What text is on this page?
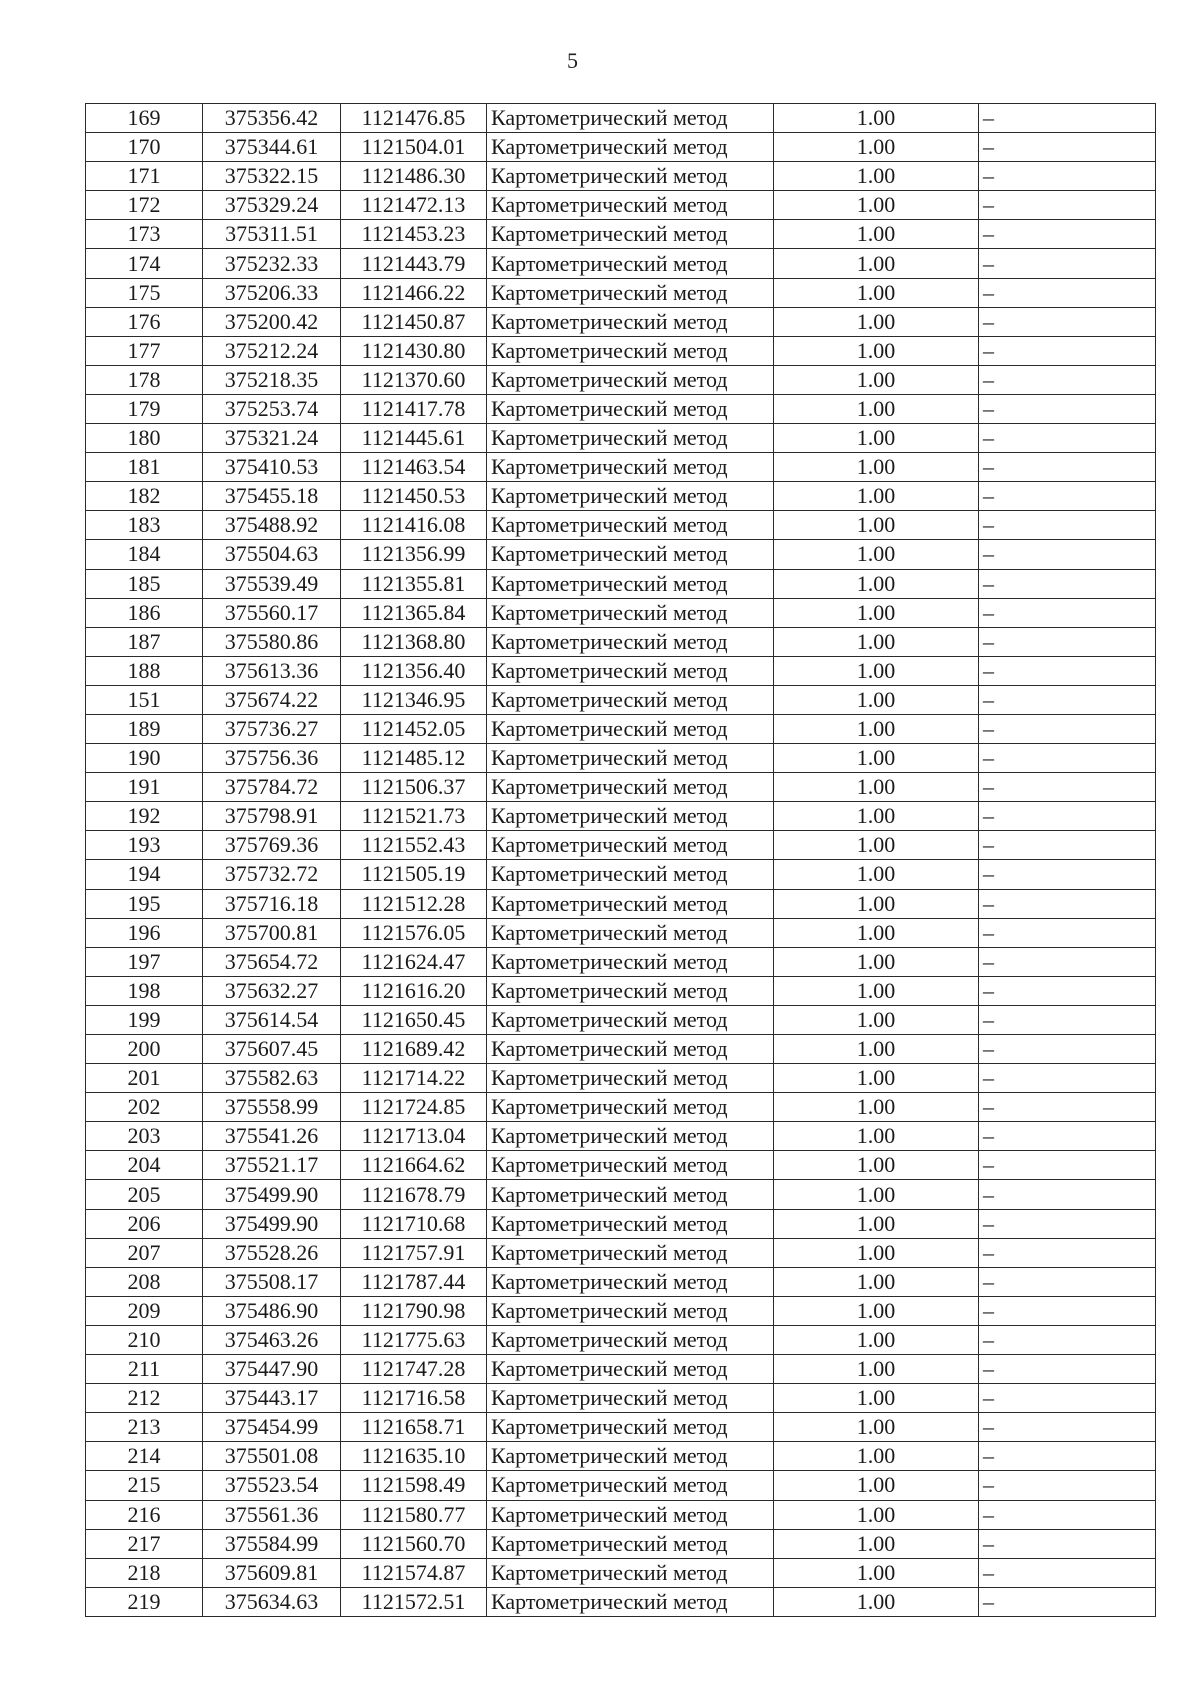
5
169	375356.42	1121476.85	Картометрический метод	1.00	–
170	375344.61	1121504.01	Картометрический метод	1.00	–
171	375322.15	1121486.30	Картометрический метод	1.00	–
172	375329.24	1121472.13	Картометрический метод	1.00	–
173	375311.51	1121453.23	Картометрический метод	1.00	–
174	375232.33	1121443.79	Картометрический метод	1.00	–
175	375206.33	1121466.22	Картометрический метод	1.00	–
176	375200.42	1121450.87	Картометрический метод	1.00	–
177	375212.24	1121430.80	Картометрический метод	1.00	–
178	375218.35	1121370.60	Картометрический метод	1.00	–
179	375253.74	1121417.78	Картометрический метод	1.00	–
180	375321.24	1121445.61	Картометрический метод	1.00	–
181	375410.53	1121463.54	Картометрический метод	1.00	–
182	375455.18	1121450.53	Картометрический метод	1.00	–
183	375488.92	1121416.08	Картометрический метод	1.00	–
184	375504.63	1121356.99	Картометрический метод	1.00	–
185	375539.49	1121355.81	Картометрический метод	1.00	–
186	375560.17	1121365.84	Картометрический метод	1.00	–
187	375580.86	1121368.80	Картометрический метод	1.00	–
188	375613.36	1121356.40	Картометрический метод	1.00	–
151	375674.22	1121346.95	Картометрический метод	1.00	–
189	375736.27	1121452.05	Картометрический метод	1.00	–
190	375756.36	1121485.12	Картометрический метод	1.00	–
191	375784.72	1121506.37	Картометрический метод	1.00	–
192	375798.91	1121521.73	Картометрический метод	1.00	–
193	375769.36	1121552.43	Картометрический метод	1.00	–
194	375732.72	1121505.19	Картометрический метод	1.00	–
195	375716.18	1121512.28	Картометрический метод	1.00	–
196	375700.81	1121576.05	Картометрический метод	1.00	–
197	375654.72	1121624.47	Картометрический метод	1.00	–
198	375632.27	1121616.20	Картометрический метод	1.00	–
199	375614.54	1121650.45	Картометрический метод	1.00	–
200	375607.45	1121689.42	Картометрический метод	1.00	–
201	375582.63	1121714.22	Картометрический метод	1.00	–
202	375558.99	1121724.85	Картометрический метод	1.00	–
203	375541.26	1121713.04	Картометрический метод	1.00	–
204	375521.17	1121664.62	Картометрический метод	1.00	–
205	375499.90	1121678.79	Картометрический метод	1.00	–
206	375499.90	1121710.68	Картометрический метод	1.00	–
207	375528.26	1121757.91	Картометрический метод	1.00	–
208	375508.17	1121787.44	Картометрический метод	1.00	–
209	375486.90	1121790.98	Картометрический метод	1.00	–
210	375463.26	1121775.63	Картометрический метод	1.00	–
211	375447.90	1121747.28	Картометрический метод	1.00	–
212	375443.17	1121716.58	Картометрический метод	1.00	–
213	375454.99	1121658.71	Картометрический метод	1.00	–
214	375501.08	1121635.10	Картометрический метод	1.00	–
215	375523.54	1121598.49	Картометрический метод	1.00	–
216	375561.36	1121580.77	Картометрический метод	1.00	–
217	375584.99	1121560.70	Картометрический метод	1.00	–
218	375609.81	1121574.87	Картометрический метод	1.00	–
219	375634.63	1121572.51	Картометрический метод	1.00	–
